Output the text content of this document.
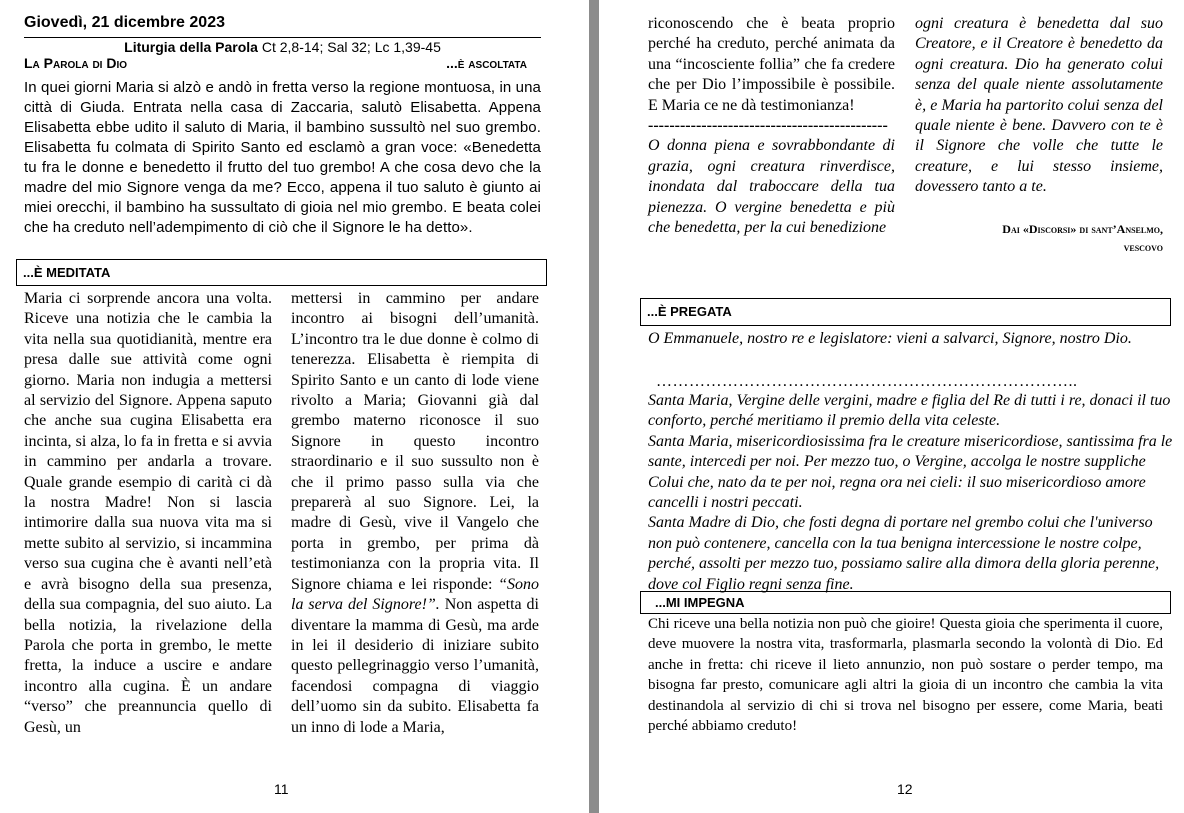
Giovedì, 21 dicembre 2023
Liturgia della Parola Ct 2,8-14; Sal 32; Lc 1,39-45
La Parola di Dio	...è ascoltata
In quei giorni Maria si alzò e andò in fretta verso la regione montuosa, in una città di Giuda. Entrata nella casa di Zaccaria, salutò Elisabetta. Appena Elisabetta ebbe udito il saluto di Maria, il bambino sussultò nel suo grembo. Elisabetta fu colmata di Spirito Santo ed esclamò a gran voce: «Benedetta tu fra le donne e benedetto il frutto del tuo grembo! A che cosa devo che la madre del mio Signore venga da me? Ecco, appena il tuo saluto è giunto ai miei orecchi, il bambino ha sussultato di gioia nel mio grembo. E beata colei che ha creduto nell’adempimento di ciò che il Signore le ha detto».
...È MEDITATA
Maria ci sorprende ancora una volta. Riceve una notizia che le cambia la vita nella sua quotidianità, mentre era presa dalle sue attività come ogni giorno. Maria non indugia a mettersi al servizio del Signore. Appena saputo che anche sua cugina Elisabetta era incinta, si alza, lo fa in fretta e si avvia in cammino per andarla a trovare. Quale grande esempio di carità ci dà la nostra Madre! Non si lascia intimorire dalla sua nuova vita ma si mette subito al servizio, si incammina verso sua cugina che è avanti nell’età e avrà bisogno della sua presenza, della sua compagnia, del suo aiuto. La bella notizia, la rivelazione della Parola che porta in grembo, le mette fretta, la induce a uscire e andare incontro alla cugina. È un andare “verso” che preannuncia quello di Gesù, un
mettersi in cammino per andare incontro ai bisogni dell’umanità. L’incontro tra le due donne è colmo di tenerezza. Elisabetta è riempita di Spirito Santo e un canto di lode viene rivolto a Maria; Giovanni già dal grembo materno riconosce il suo Signore in questo incontro straordinario e il suo sussulto non è che il primo passo sulla via che preparerà al suo Signore. Lei, la madre di Gesù, vive il Vangelo che porta in grembo, per prima dà testimonianza con la propria vita. Il Signore chiama e lei risponde: “Sono la serva del Signore!”. Non aspetta di diventare la mamma di Gesù, ma arde in lei il desiderio di iniziare subito questo pellegrinaggio verso l’umanità, facendosi compagna di viaggio dell’uomo sin da subito. Elisabetta fa un inno di lode a Maria,
11
riconoscendo che è beata proprio perché ha creduto, perché animata da una “incosciente follia” che fa credere che per Dio l’impossibile è possibile. E Maria ce ne dà testimonianza!
---------------------------------------------
O donna piena e sovrabbondante di grazia, ogni creatura rinverdisce, inondata dal traboccare della tua pienezza. O vergine benedetta e più che benedetta, per la cui benedizione
ogni creatura è benedetta dal suo Creatore, e il Creatore è benedetto da ogni creatura. Dio ha generato colui senza del quale niente assolutamente è, e Maria ha partorito colui senza del quale niente è bene. Davvero con te è il Signore che volle che tutte le creature, e lui stesso insieme, dovessero tanto a te.
Dai «Discorsi» di sant’Anselmo,
vescovo
...È PREGATA
O Emmanuele, nostro re e legislatore: vieni a salvarci, Signore, nostro Dio.
…………………………………………………………………..

Santa Maria, Vergine delle vergini, madre e figlia del Re di tutti i re, donaci il tuo conforto, perché meritiamo il premio della vita celeste.

Santa Maria, misericordiosissima fra le creature misericordiose, santissima fra le sante, intercedi per noi. Per mezzo tuo, o Vergine, accolga le nostre suppliche Colui che, nato da te per noi, regna ora nei cieli: il suo misericordioso amore cancelli i nostri peccati.

Santa Madre di Dio, che fosti degna di portare nel grembo colui che l'universo non può contenere, cancella con la tua benigna intercessione le nostre colpe, perché, assolti per mezzo tuo, possiamo salire alla dimora della gloria perenne, dove col Figlio regni senza fine.

...MI IMPEGNA
Chi riceve una bella notizia non può che gioire! Questa gioia che sperimenta il cuore, deve muovere la nostra vita, trasformarla, plasmarla secondo la volontà di Dio. Ed anche in fretta: chi riceve il lieto annunzio, non può sostare o perder tempo, ma bisogna far presto, comunicare agli altri la gioia di un incontro che cambia la vita destinandola al servizio di chi si trova nel bisogno per essere, come Maria, beati perché abbiamo creduto!
12
